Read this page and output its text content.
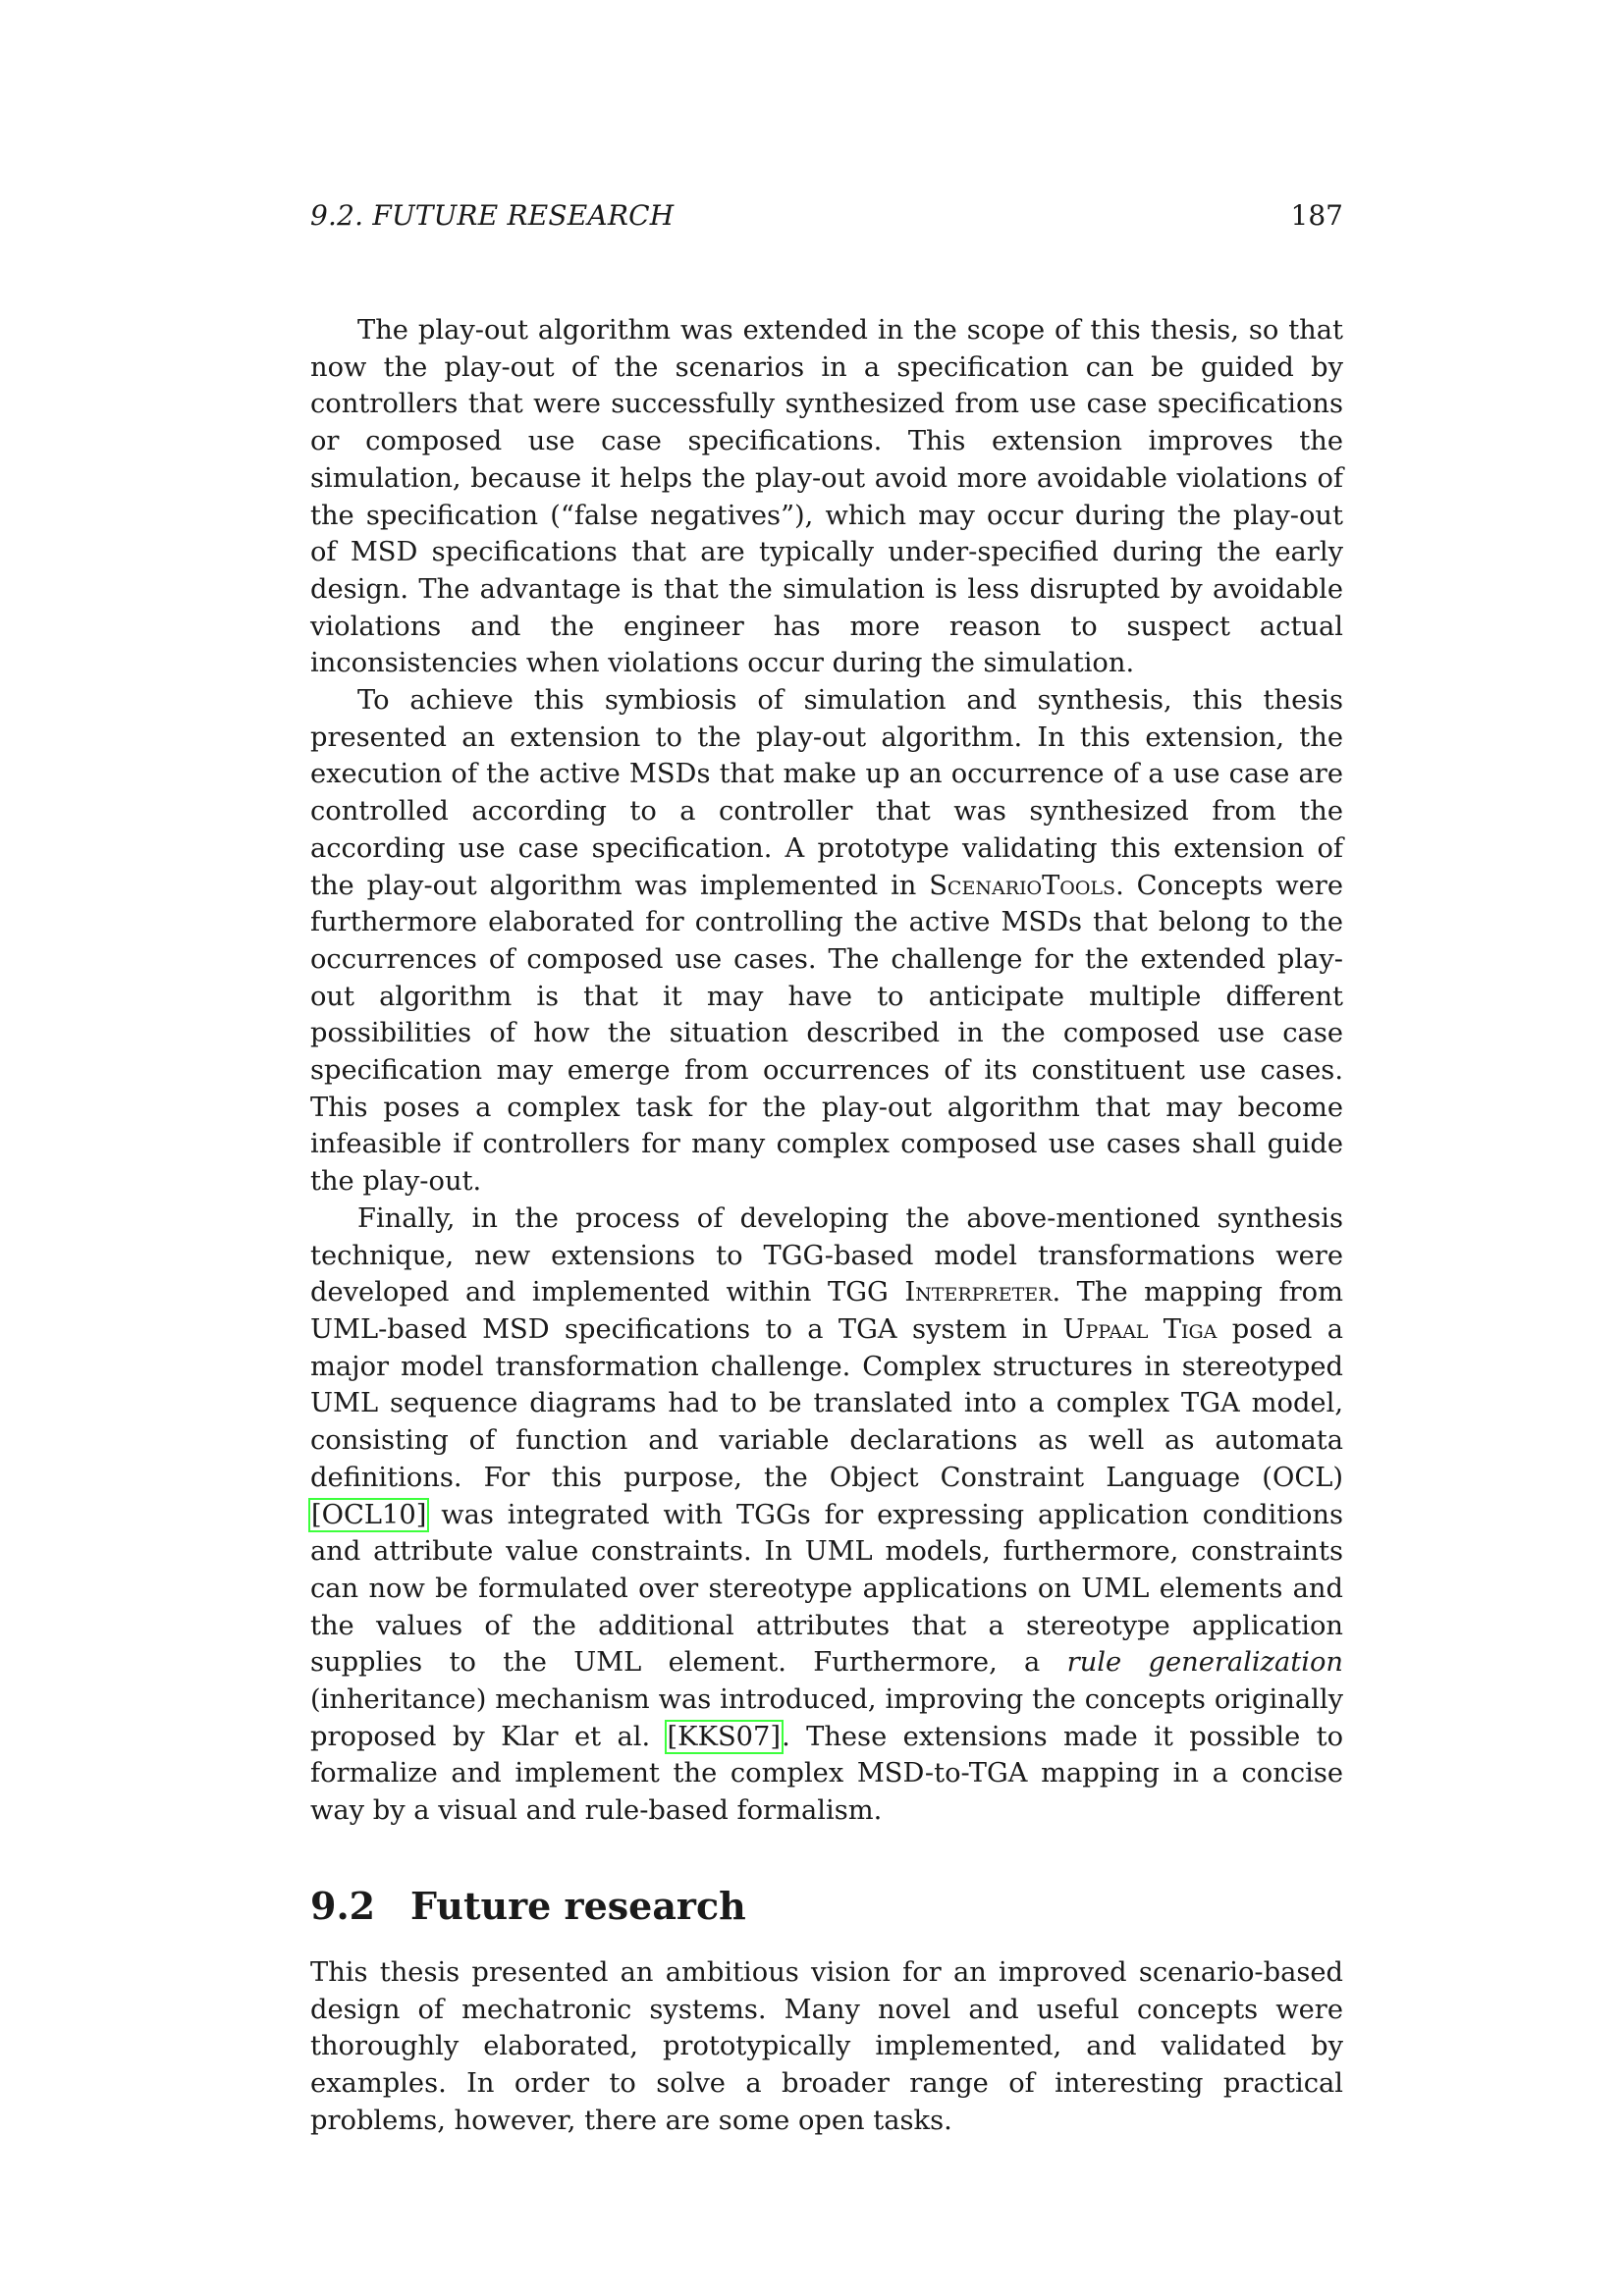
9.2. FUTURE RESEARCH	187

The play-out algorithm was extended in the scope of this thesis, so that now the play-out of the scenarios in a specification can be guided by controllers that were successfully synthesized from use case specifications or composed use case specifications. This extension improves the simulation, because it helps the play-out avoid more avoidable violations of the specification (“false negatives”), which may occur during the play-out of MSD specifications that are typically under-specified during the early design. The advantage is that the simulation is less disrupted by avoidable violations and the engineer has more reason to suspect actual inconsistencies when violations occur during the simulation.

To achieve this symbiosis of simulation and synthesis, this thesis presented an extension to the play-out algorithm. In this extension, the execution of the active MSDs that make up an occurrence of a use case are controlled according to a controller that was synthesized from the according use case specification. A prototype validating this extension of the play-out algorithm was implemented in ScenarioTools. Concepts were furthermore elaborated for controlling the active MSDs that belong to the occurrences of composed use cases. The challenge for the extended play-out algorithm is that it may have to anticipate multiple different possibilities of how the situation described in the composed use case specification may emerge from occurrences of its constituent use cases. This poses a complex task for the play-out algorithm that may become infeasible if controllers for many complex composed use cases shall guide the play-out.

Finally, in the process of developing the above-mentioned synthesis technique, new extensions to TGG-based model transformations were developed and implemented within TGG Interpreter. The mapping from UML-based MSD specifications to a TGA system in Uppaal Tiga posed a major model transformation challenge. Complex structures in stereotyped UML sequence diagrams had to be translated into a complex TGA model, consisting of function and variable declarations as well as automata definitions. For this purpose, the Object Constraint Language (OCL) [OCL10] was integrated with TGGs for expressing application conditions and attribute value constraints. In UML models, furthermore, constraints can now be formulated over stereotype applications on UML elements and the values of the additional attributes that a stereotype application supplies to the UML element. Furthermore, a rule generalization (inheritance) mechanism was introduced, improving the concepts originally proposed by Klar et al. [KKS07]. These extensions made it possible to formalize and implement the complex MSD-to-TGA mapping in a concise way by a visual and rule-based formalism.

9.2 Future research

This thesis presented an ambitious vision for an improved scenario-based design of mechatronic systems. Many novel and useful concepts were thoroughly elaborated, prototypically implemented, and validated by examples. In order to solve a broader range of interesting practical problems, however, there are some open tasks.
